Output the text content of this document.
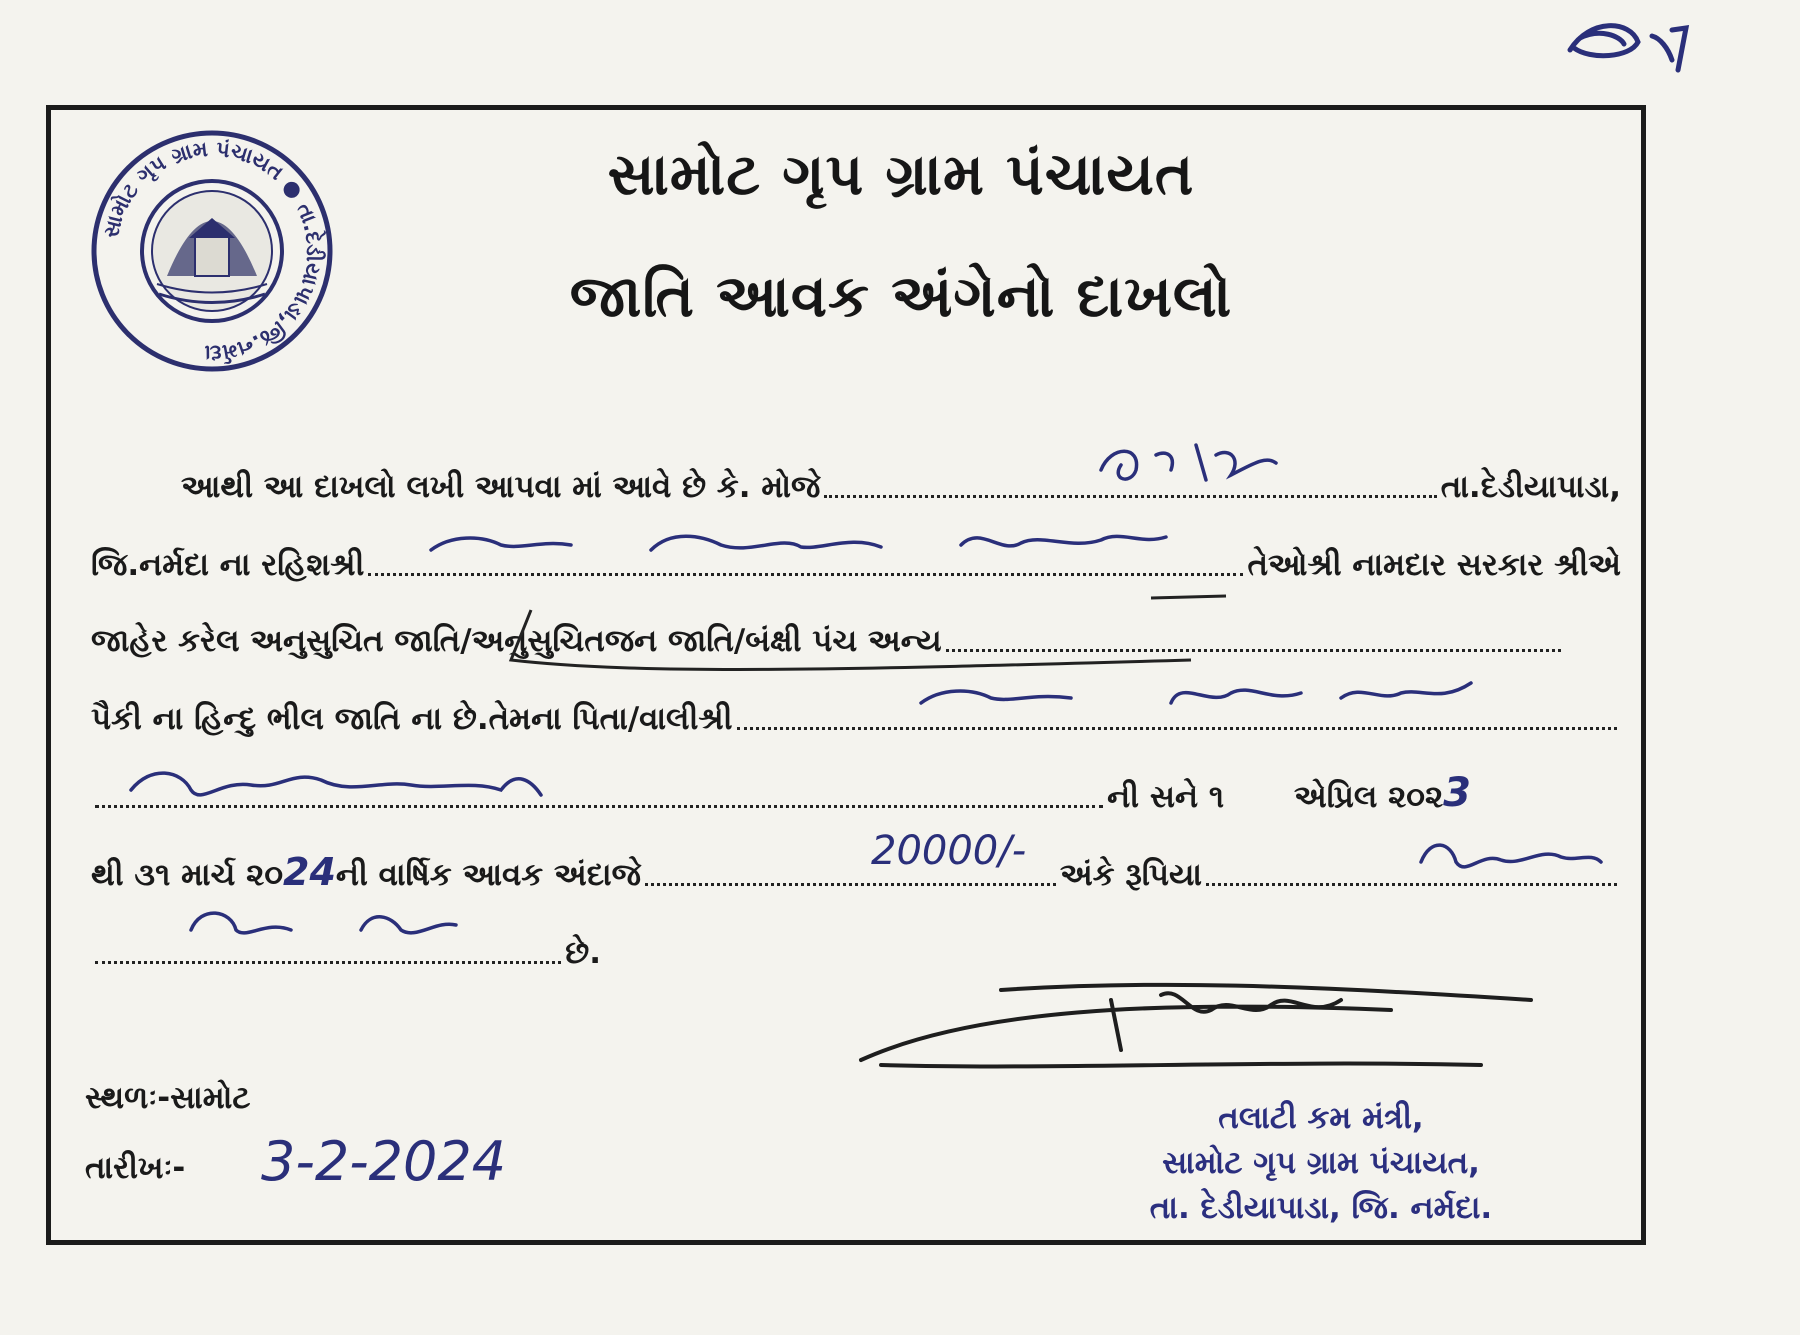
સામોટ ગૃપ ગ્રામ પંચાયત ● તા.દેડીયાપાડા,જિ.નર્મદા
સામોટ ગૃપ ગ્રામ પંચાયત
જાતિ આવક અંગેનો દાખલો
આથી આ દાખલો લખી આપવા માં આવે છે કે. મોજે	તા.દેડીયાપાડા,
જિ.નર્મદા ના રહિશશ્રી	તેઓશ્રી નામદાર સરકાર શ્રીએ
જાહેર કરેલ અનુસુચિત જાતિ/અનુસુચિતજન જાતિ/બંક્ષી પંચ અન્ય
પૈકી ના હિન્દુ ભીલ જાતિ ના છે.તેમના પિતા/વાલીશ્રી
ની સને ૧ એપ્રિલ ૨૦૨ 3
થી ૩૧ માર્ચ ૨૦ 24 ની વાર્ષિક આવક અંદાજે	અંકે રૂપિયા
20000/-
છે.
તલાટી કમ મંત્રી,
સામોટ ગૃપ ગ્રામ પંચાયત,
તા. દેડીયાપાડા, જિ. નર્મદા.
સ્થળઃ-સામોટ
તારીખઃ- 3-2-2024
